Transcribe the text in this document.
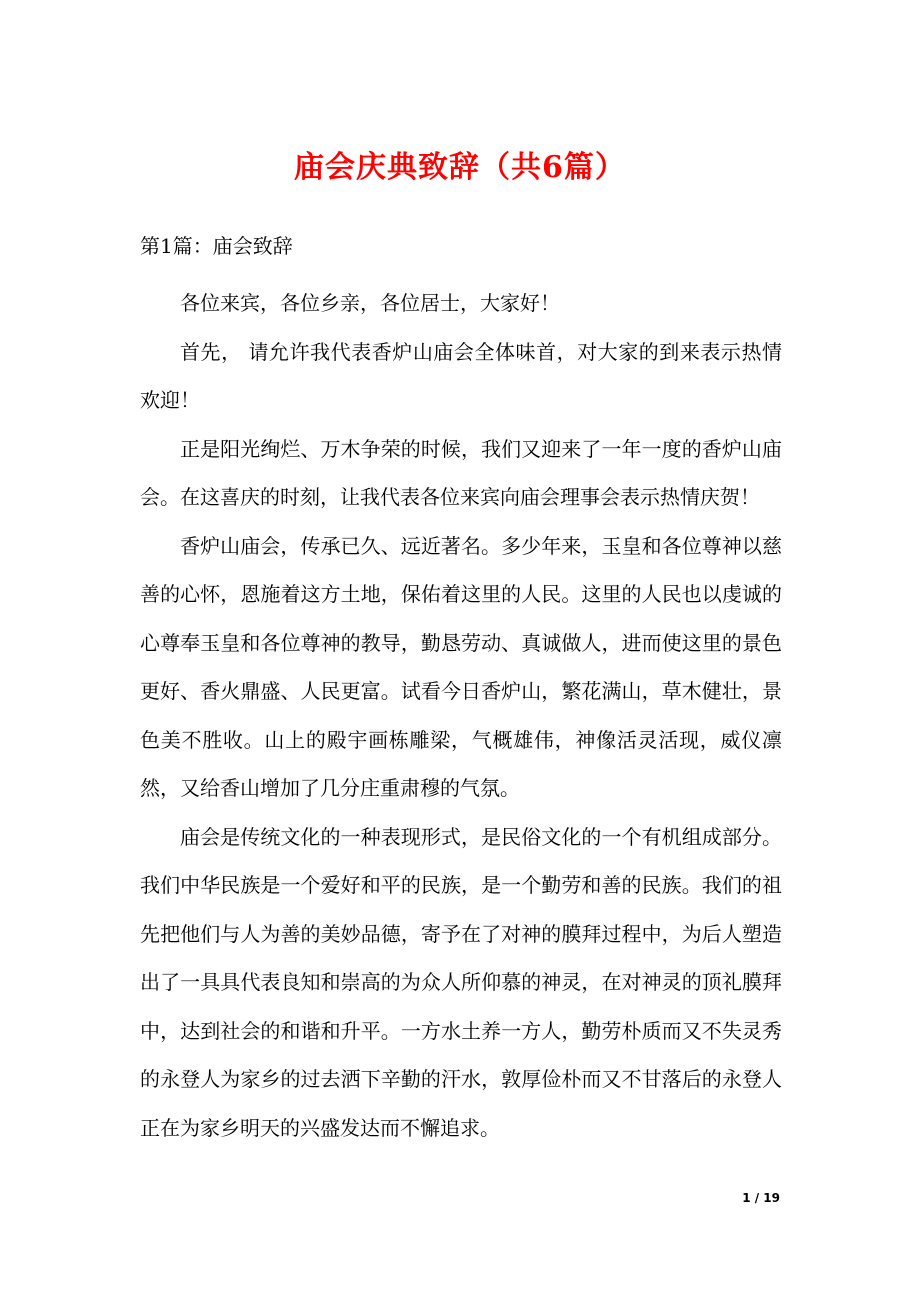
庙会庆典致辞（共6篇）
第1篇：庙会致辞

各位来宾，各位乡亲，各位居士，大家好！

首先， 请允许我代表香炉山庙会全体味首，对大家的到来表示热情欢迎！

正是阳光绚烂、万木争荣的时候，我们又迎来了一年一度的香炉山庙会。在这喜庆的时刻，让我代表各位来宾向庙会理事会表示热情庆贺！

香炉山庙会，传承已久、远近著名。多少年来，玉皇和各位尊神以慈善的心怀，恩施着这方土地，保佑着这里的人民。这里的人民也以虔诚的心尊奉玉皇和各位尊神的教导，勤恳劳动、真诚做人，进而使这里的景色更好、香火鼎盛、人民更富。试看今日香炉山，繁花满山，草木健壮，景色美不胜收。山上的殿宇画栋雕梁，气概雄伟，神像活灵活现，威仪凛然，又给香山增加了几分庄重肃穆的气氛。

庙会是传统文化的一种表现形式，是民俗文化的一个有机组成部分。我们中华民族是一个爱好和平的民族，是一个勤劳和善的民族。我们的祖先把他们与人为善的美妙品德，寄予在了对神的膜拜过程中，为后人塑造出了一具具代表良知和崇高的为众人所仰慕的神灵，在对神灵的顶礼膜拜中，达到社会的和谐和升平。一方水土养一方人，勤劳朴质而又不失灵秀的永登人为家乡的过去洒下辛勤的汗水，敦厚俭朴而又不甘落后的永登人正在为家乡明天的兴盛发达而不懈追求。

1 / 19
